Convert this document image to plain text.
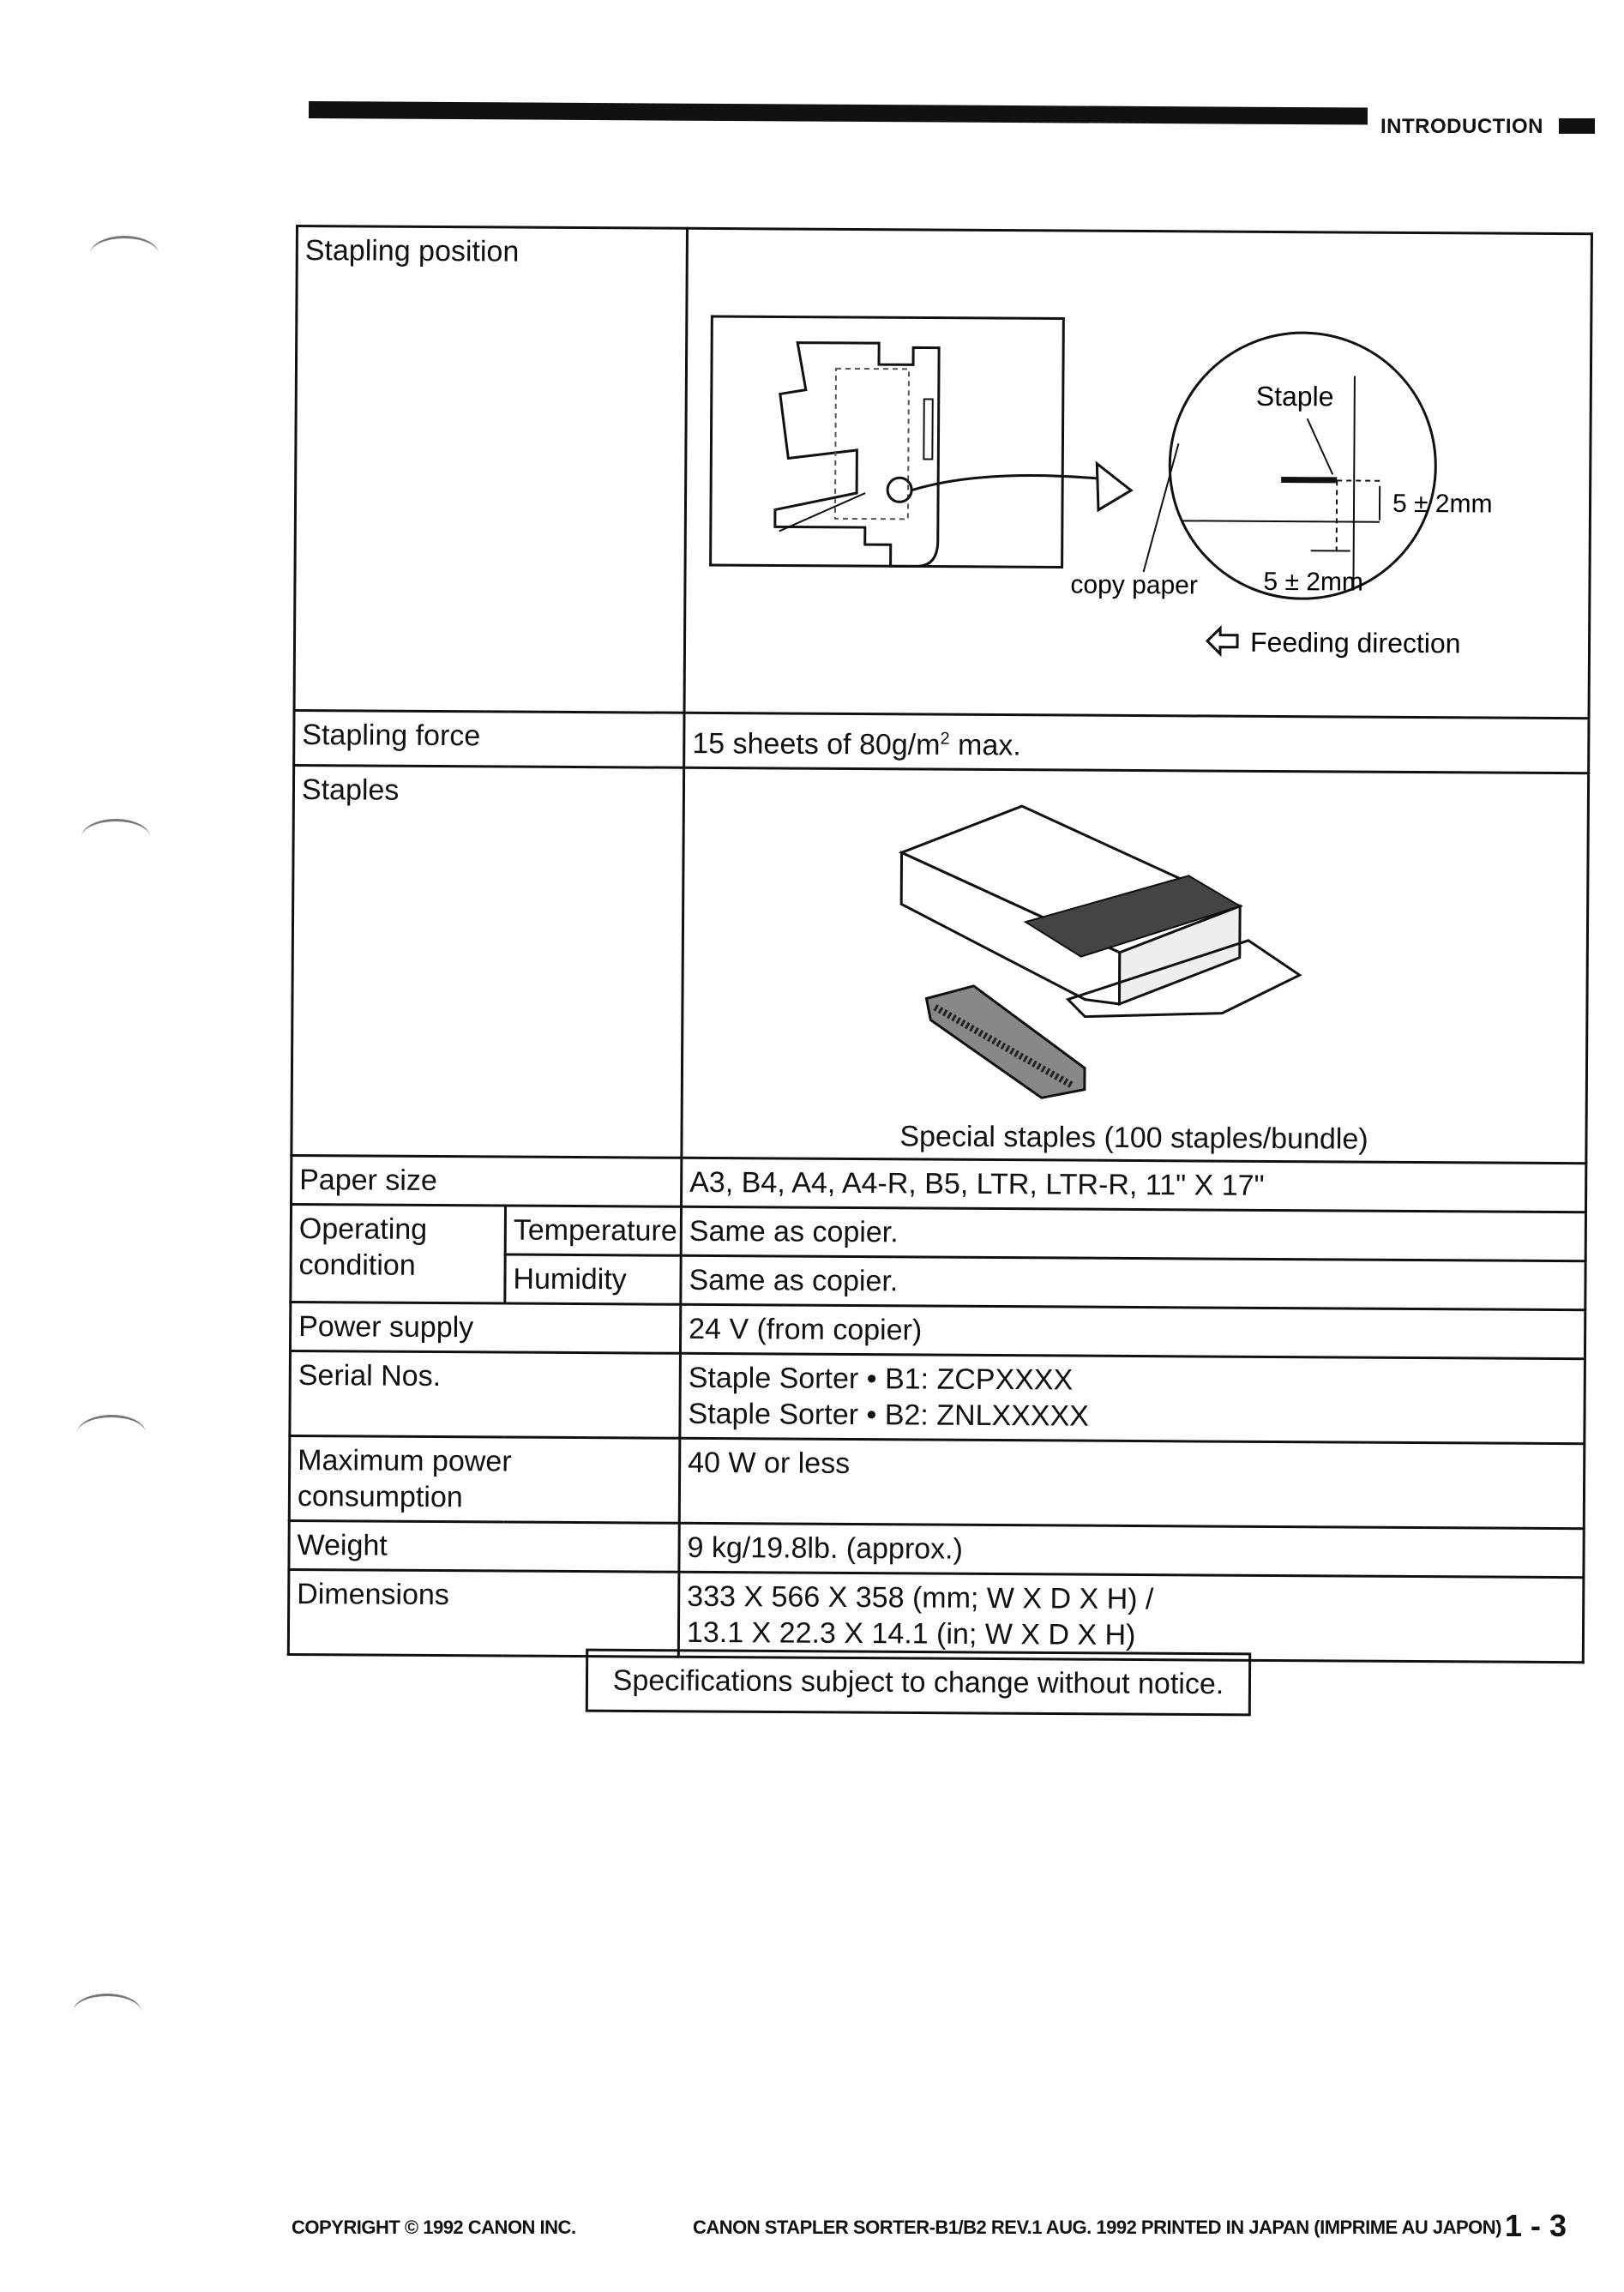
INTRODUCTION
Stapling position		Staple
5 ± 2mm
5 ± 2mm
copy paper
Feeding direction

Stapling force		15 sheets of $80g/m^2$ max.
Staples		Special staples (100 staples/bundle)

Paper size		A3, B4, A4, A4-R, B5, LTR, LTR-R, 11" X 17"
Operating condition	Temperature	Same as copier.
	Humidity	Same as copier.
Power supply		24 V (from copier)
Serial Nos.		Staple Sorter • B1: ZCPXXXX
Staple Sorter • B2: ZNLXXXXX

Maximum power consumption		40 W or less
Weight		9 kg/19.8lb. (approx.)
Dimensions		333 X 566 X 358 (mm; W X D X H) /
13.1 X 22.3 X 14.1 (in; W X D X H)
Specifications subject to change without notice.
COPYRIGHT © 1992 CANON INC.	CANON STAPLER SORTER-B1/B2 REV.1 AUG. 1992 PRINTED IN JAPAN (IMPRIME AU JAPON) 1 - 3
